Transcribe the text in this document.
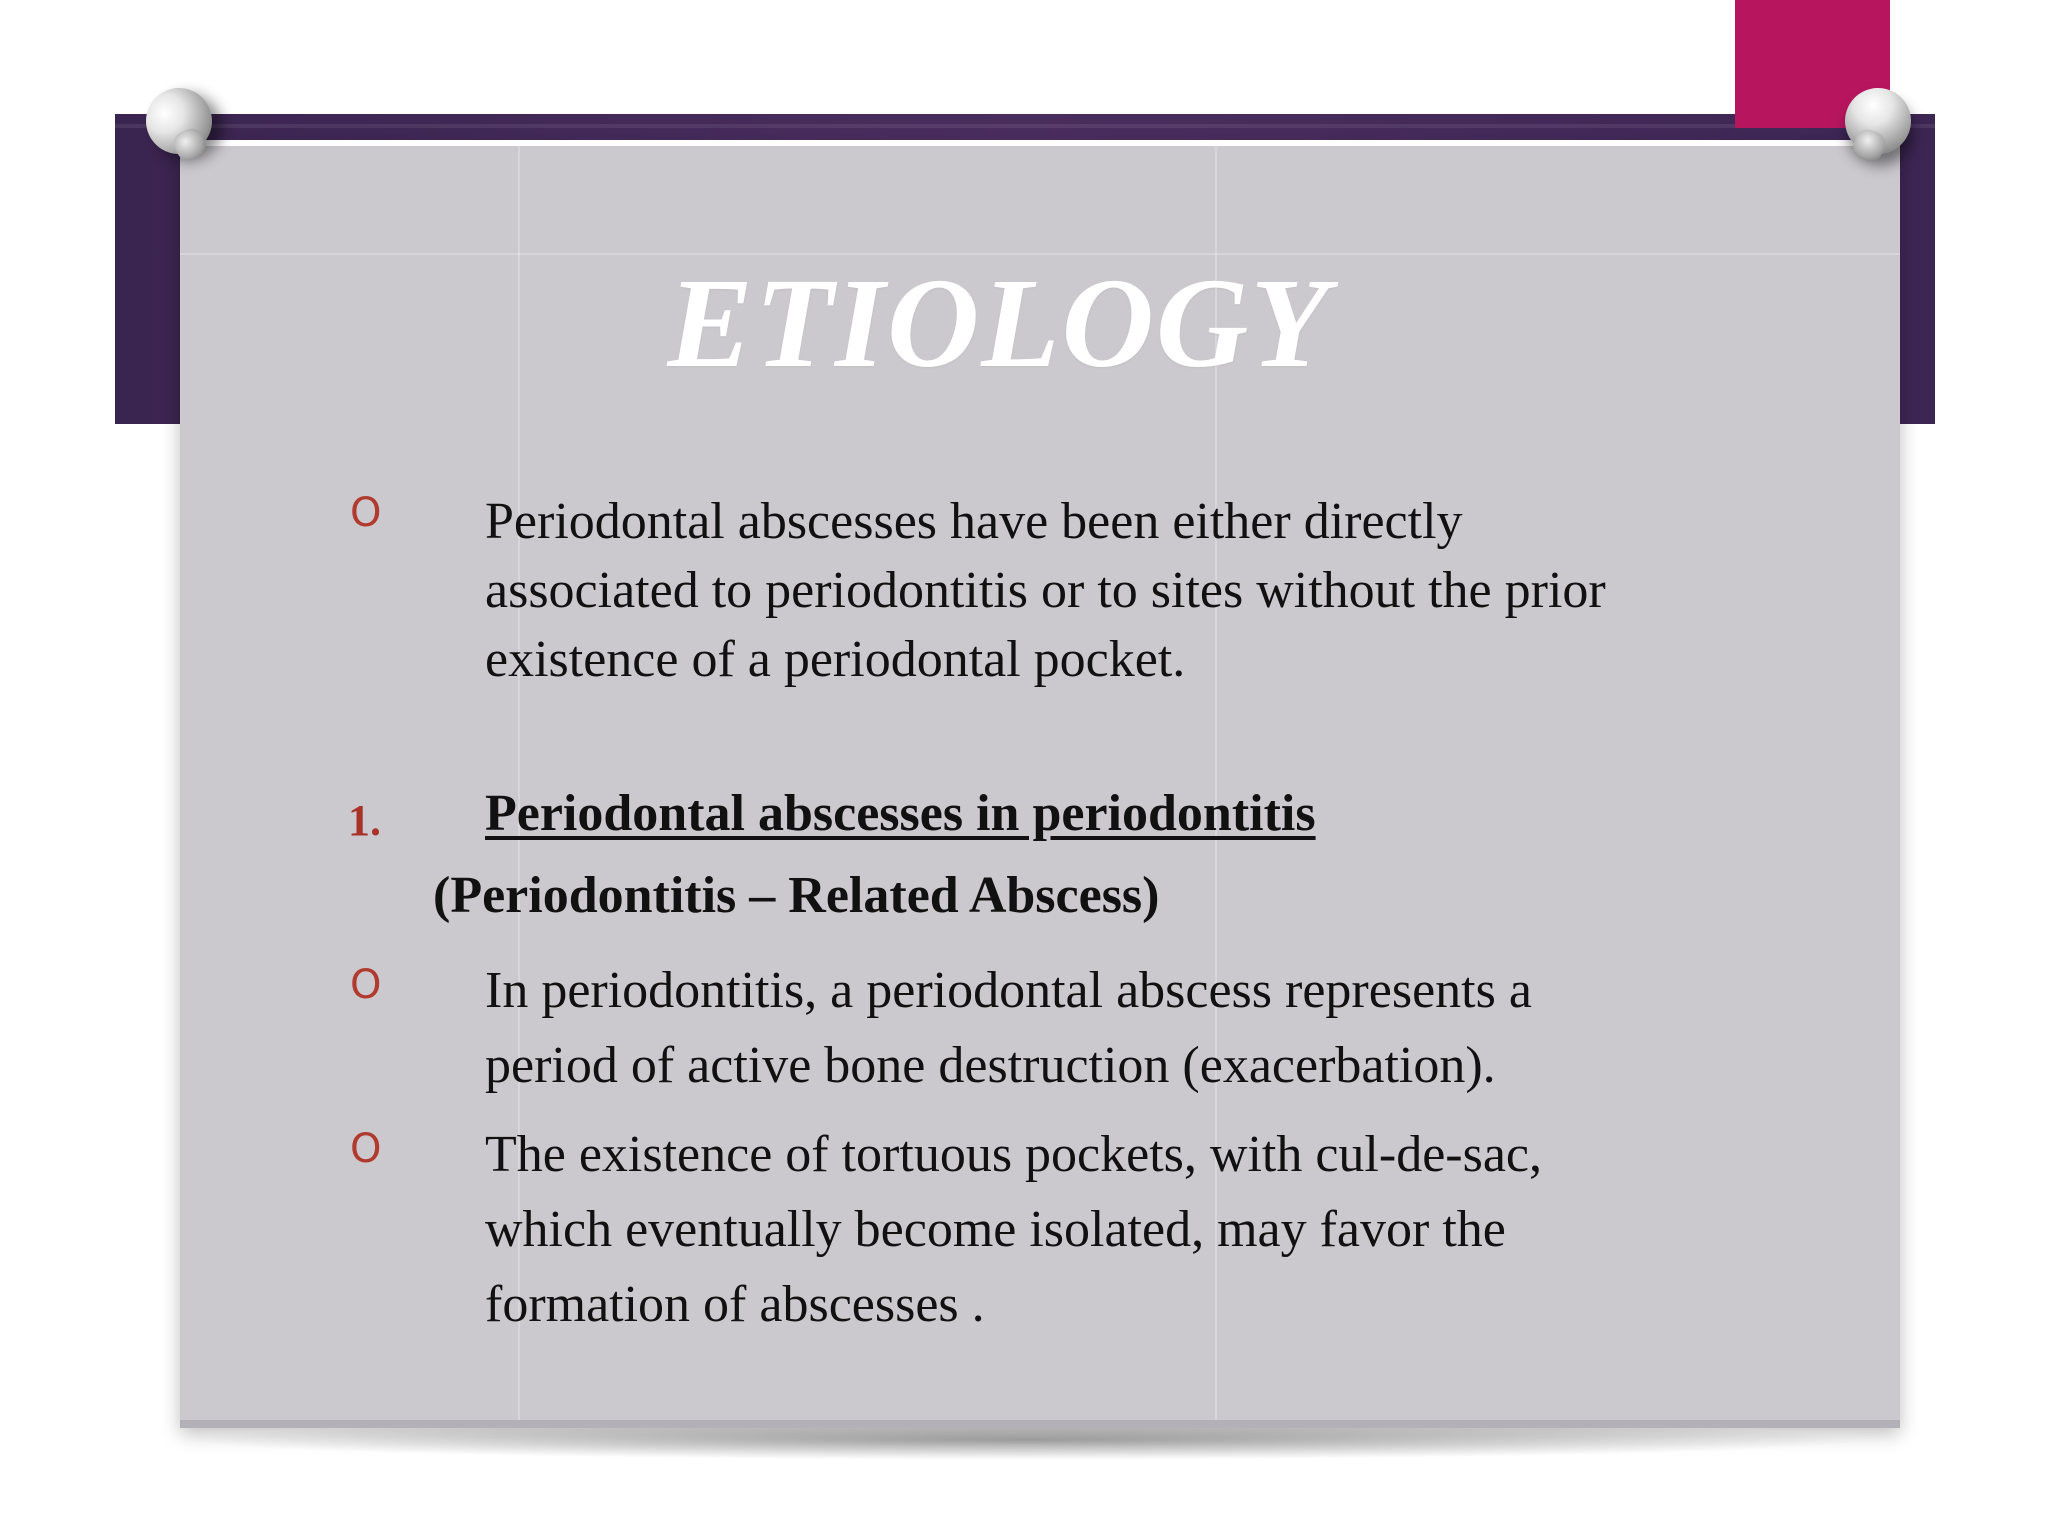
ETIOLOGY
O Periodontal abscesses have been either directly associated to periodontitis or to sites without the prior existence of a periodontal pocket.
1. Periodontal abscesses in periodontitis
(Periodontitis – Related Abscess)
O In periodontitis, a periodontal abscess represents a period of active bone destruction (exacerbation).
O The existence of tortuous pockets, with cul-de-sac, which eventually become isolated, may favor the formation of abscesses .
